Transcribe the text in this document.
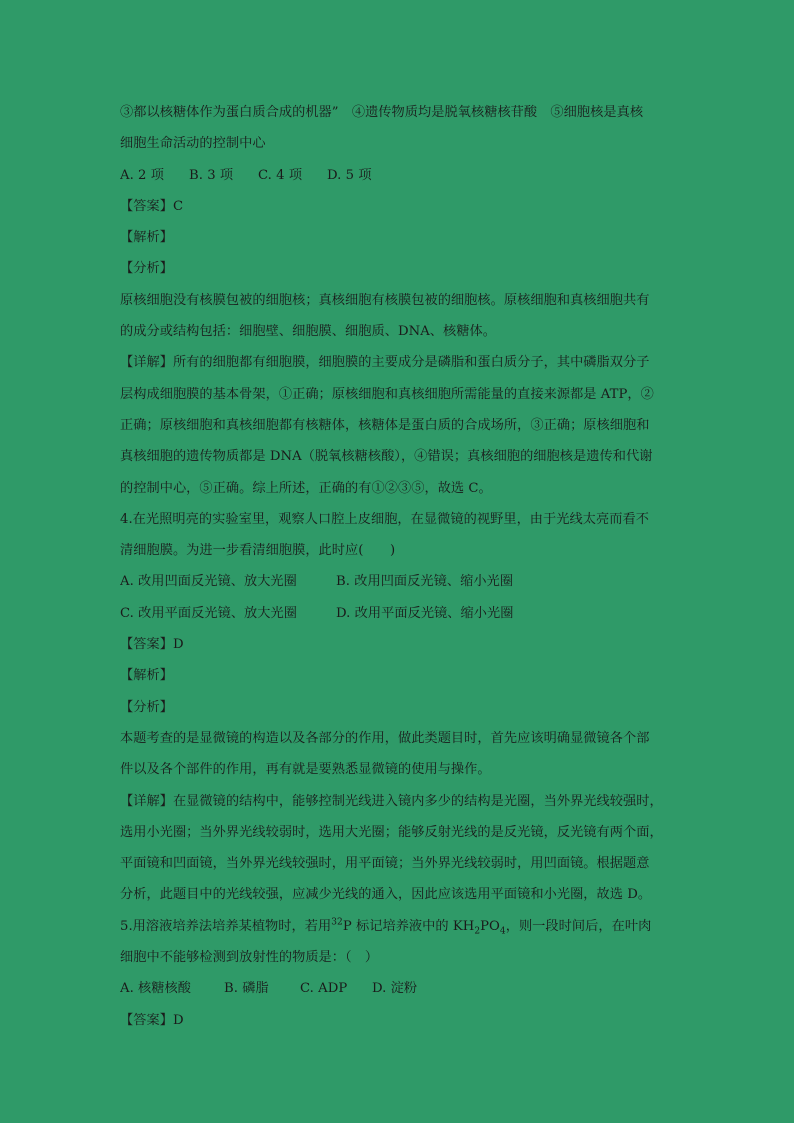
③都以核糖体作为蛋白质合成的机器”　④遗传物质均是脱氧核糖核苷酸　⑤细胞核是真核
细胞生命活动的控制中心
A. 2 项 B. 3 项 C. 4 项 D. 5 项
【答案】C
【解析】
【分析】
原核细胞没有核膜包被的细胞核；真核细胞有核膜包被的细胞核。原核细胞和真核细胞共有
的成分或结构包括：细胞壁、细胞膜、细胞质、DNA、核糖体。
【详解】所有的细胞都有细胞膜，细胞膜的主要成分是磷脂和蛋白质分子，其中磷脂双分子
层构成细胞膜的基本骨架，①正确；原核细胞和真核细胞所需能量的直接来源都是 ATP，②
正确；原核细胞和真核细胞都有核糖体，核糖体是蛋白质的合成场所，③正确；原核细胞和
真核细胞的遗传物质都是 DNA（脱氧核糖核酸），④错误；真核细胞的细胞核是遗传和代谢
的控制中心，⑤正确。综上所述，正确的有①②③⑤，故选 C。
4.在光照明亮的实验室里，观察人口腔上皮细胞，在显微镜的视野里，由于光线太亮而看不
清细胞膜。为进一步看清细胞膜，此时应(　　)
A. 改用凹面反光镜、放大光圈	B. 改用凹面反光镜、缩小光圈
C. 改用平面反光镜、放大光圈	D. 改用平面反光镜、缩小光圈
【答案】D
【解析】
【分析】
本题考查的是显微镜的构造以及各部分的作用，做此类题目时，首先应该明确显微镜各个部
件以及各个部件的作用，再有就是要熟悉显微镜的使用与操作。
【详解】在显微镜的结构中，能够控制光线进入镜内多少的结构是光圈，当外界光线较强时，
选用小光圈；当外界光线较弱时，选用大光圈；能够反射光线的是反光镜，反光镜有两个面，
平面镜和凹面镜，当外界光线较强时，用平面镜；当外界光线较弱时，用凹面镜。根据题意
分析，此题目中的光线较强，应减少光线的通入，因此应该选用平面镜和小光圈，故选 D。
5.用溶液培养法培养某植物时，若用$^{32}$P 标记培养液中的 $KH_2PO_4$，则一段时间后，在叶肉
细胞中不能够检测到放射性的物质是：（　）
A. 核糖核酸 B. 磷脂 C. ADP D. 淀粉
【答案】D
